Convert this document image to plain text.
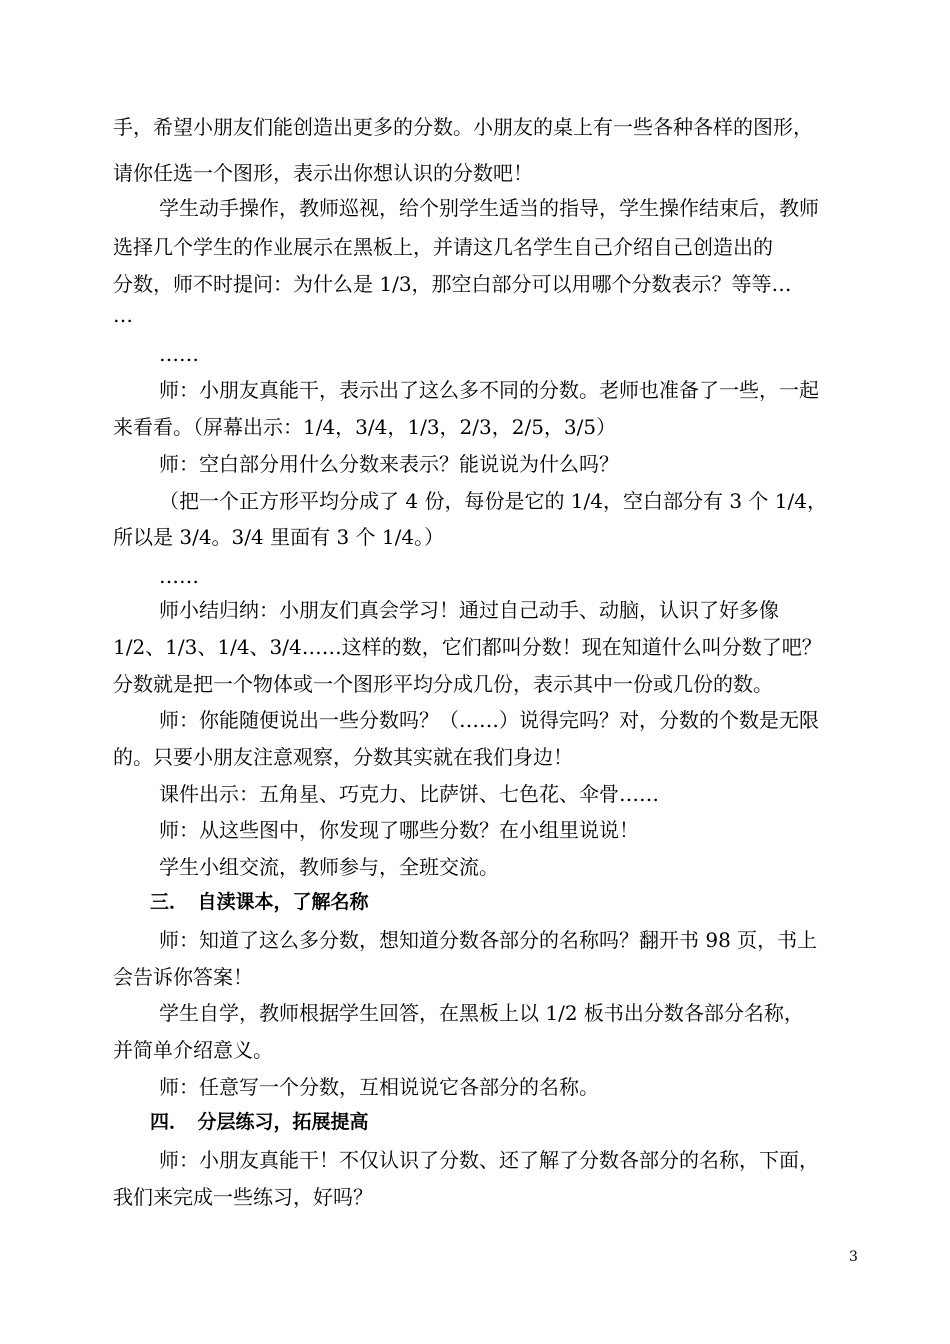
手，希望小朋友们能创造出更多的分数。小朋友的桌上有一些各种各样的图形，
请你任选一个图形，表示出你想认识的分数吧！
学生动手操作，教师巡视，给个别学生适当的指导，学生操作结束后，教师
选择几个学生的作业展示在黑板上，并请这几名学生自己介绍自己创造出的
分数，师不时提问：为什么是 1/3，那空白部分可以用哪个分数表示？等等…
…
……
师：小朋友真能干，表示出了这么多不同的分数。老师也准备了一些，一起
来看看。（屏幕出示：1/4，3/4，1/3，2/3，2/5，3/5）
师：空白部分用什么分数来表示？能说说为什么吗？
（把一个正方形平均分成了 4 份，每份是它的 1/4，空白部分有 3 个 1/4，
所以是 3/4。3/4 里面有 3 个 1/4。）
……
师小结归纳：小朋友们真会学习！通过自己动手、动脑，认识了好多像
1/2、1/3、1/4、3/4……这样的数，它们都叫分数！现在知道什么叫分数了吧？
分数就是把一个物体或一个图形平均分成几份，表示其中一份或几份的数。
师：你能随便说出一些分数吗？（……）说得完吗？对，分数的个数是无限
的。只要小朋友注意观察，分数其实就在我们身边！
课件出示：五角星、巧克力、比萨饼、七色花、伞骨……
师：从这些图中，你发现了哪些分数？在小组里说说！
学生小组交流，教师参与，全班交流。
三．　自渎课本，了解名称
师：知道了这么多分数，想知道分数各部分的名称吗？翻开书 98 页，书上
会告诉你答案！
学生自学，教师根据学生回答，在黑板上以 1/2 板书出分数各部分名称，
并简单介绍意义。
师：任意写一个分数，互相说说它各部分的名称。
四．　分层练习，拓展提高
师：小朋友真能干！不仅认识了分数、还了解了分数各部分的名称，下面，
我们来完成一些练习，好吗？
3
